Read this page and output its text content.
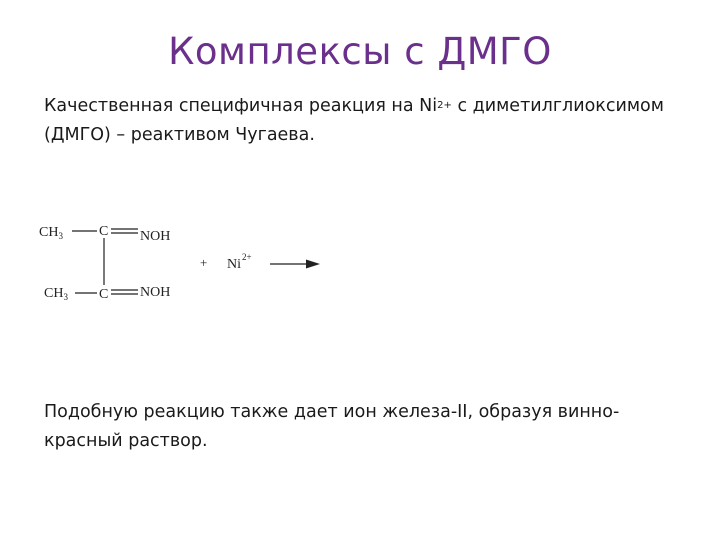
Комплексы с ДМГО
Качественная специфичная реакция на $Ni^{2+}$ с диметилглиоксимом (ДМГО) – реактивом Чугаева.
$CH_3$	C NOH
$CH_3$ C NOH
+ Ni 2+
Подобную реакцию также дает ион железа-II, образуя винно-красный раствор.
